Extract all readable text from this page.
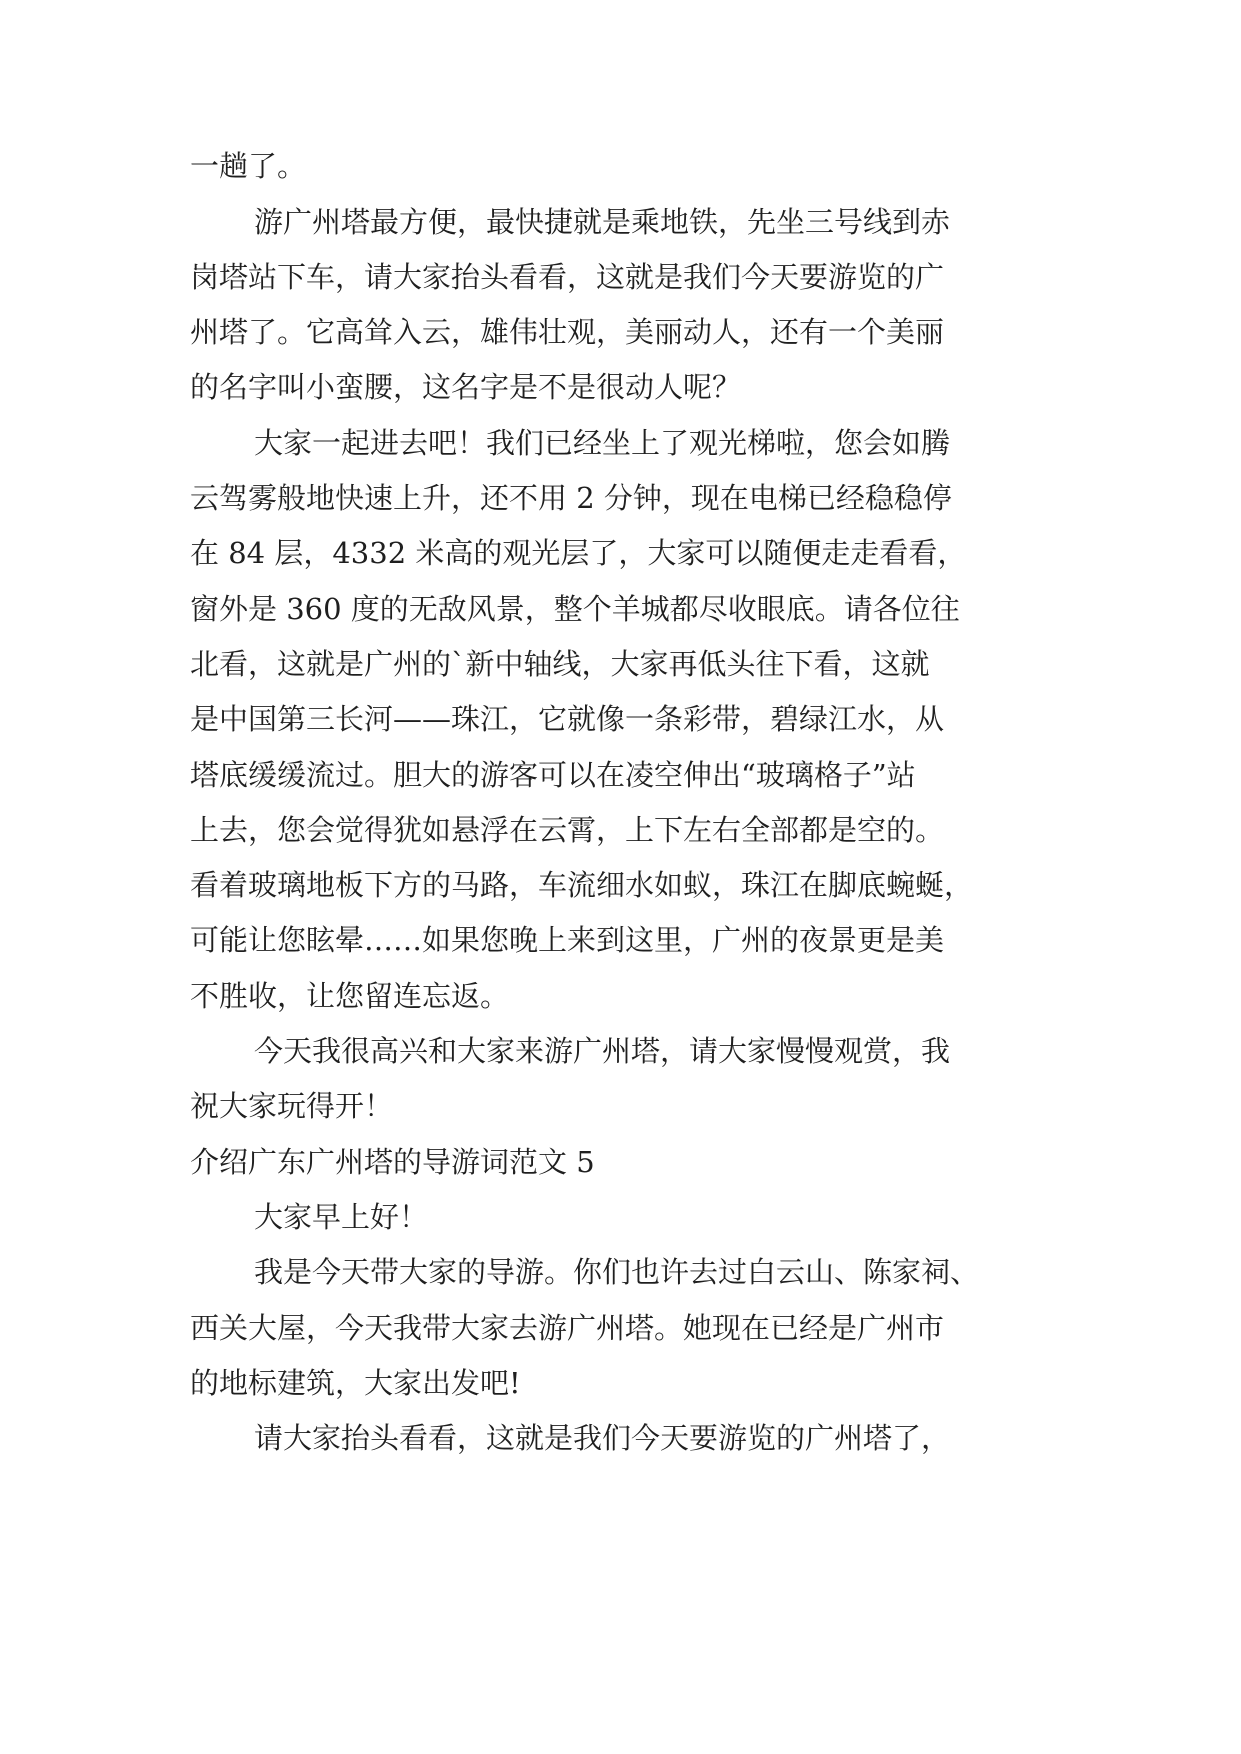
一趟了。
游广州塔最方便，最快捷就是乘地铁，先坐三号线到赤
岗塔站下车，请大家抬头看看，这就是我们今天要游览的广
州塔了。它高耸入云，雄伟壮观，美丽动人，还有一个美丽
的名字叫小蛮腰，这名字是不是很动人呢？
大家一起进去吧！我们已经坐上了观光梯啦，您会如腾
云驾雾般地快速上升，还不用 2 分钟，现在电梯已经稳稳停
在 84 层，4332 米高的观光层了，大家可以随便走走看看，
窗外是 360 度的无敌风景，整个羊城都尽收眼底。请各位往
北看，这就是广州的`新中轴线，大家再低头往下看，这就
是中国第三长河——珠江，它就像一条彩带，碧绿江水，从
塔底缓缓流过。胆大的游客可以在凌空伸出“玻璃格子”站
上去，您会觉得犹如悬浮在云霄，上下左右全部都是空的。
看着玻璃地板下方的马路，车流细水如蚁，珠江在脚底蜿蜒，
可能让您眩晕……如果您晚上来到这里，广州的夜景更是美
不胜收，让您留连忘返。
今天我很高兴和大家来游广州塔，请大家慢慢观赏，我
祝大家玩得开！
介绍广东广州塔的导游词范文 5
大家早上好！
我是今天带大家的导游。你们也许去过白云山、陈家祠、
西关大屋，今天我带大家去游广州塔。她现在已经是广州市
的地标建筑，大家出发吧!
请大家抬头看看，这就是我们今天要游览的广州塔了，
